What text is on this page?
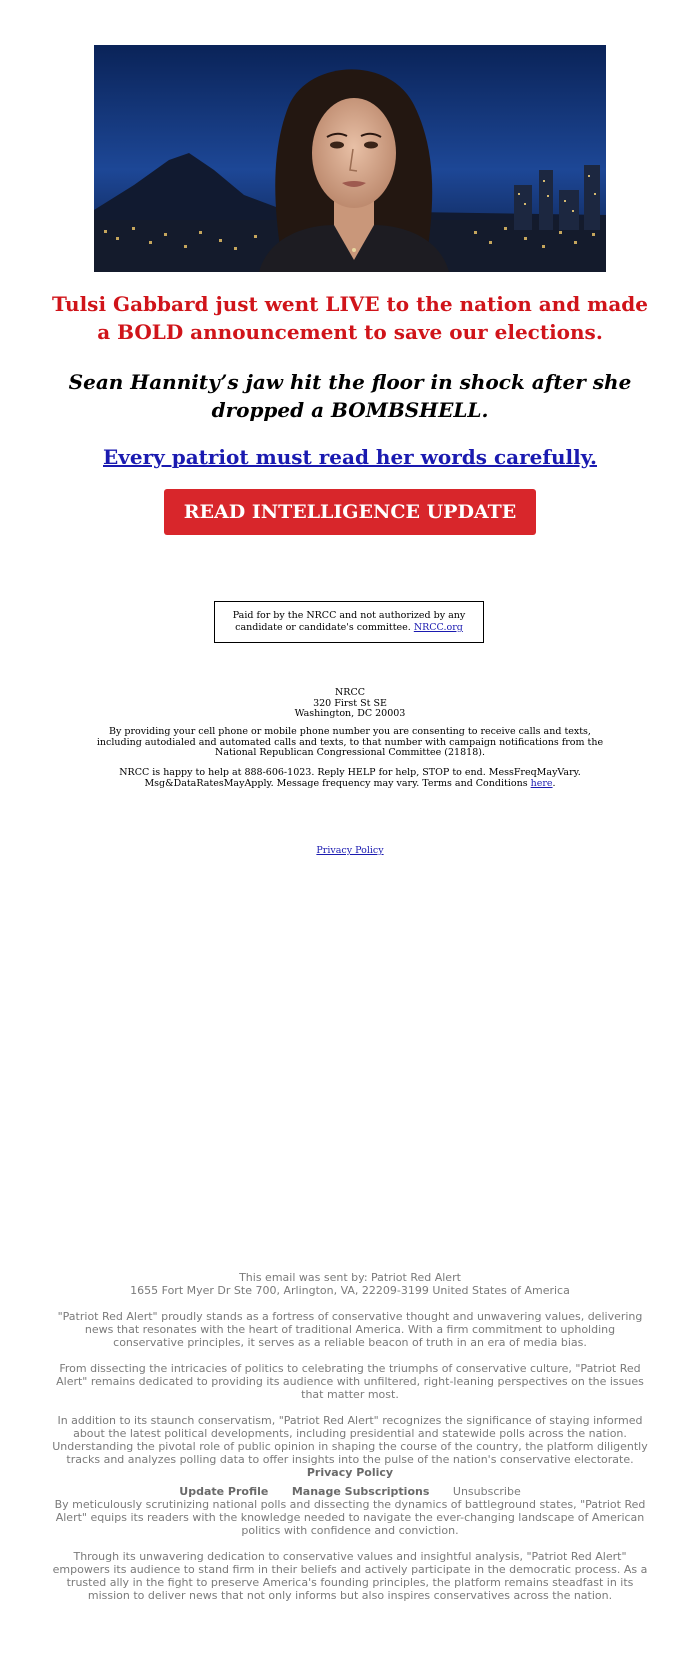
Tulsi Gabbard just went LIVE to the nation and made a BOLD announcement to save our elections.
Sean Hannity’s jaw hit the floor in shock after she dropped a BOMBSHELL.
Every patriot must read her words carefully.
READ INTELLIGENCE UPDATE
Paid for by the NRCC and not authorized by any candidate or candidate's committee. NRCC.org
NRCC
320 First St SE
Washington, DC 20003
By providing your cell phone or mobile phone number you are consenting to receive calls and texts, including autodialed and automated calls and texts, to that number with campaign notifications from the National Republican Congressional Committee (21818).
NRCC is happy to help at 888-606-1023. Reply HELP for help, STOP to end. MessFreqMayVary. Msg&DataRatesMayApply. Message frequency may vary. Terms and Conditions here.
Privacy Policy

This email was sent by: Patriot Red Alert

1655 Fort Myer Dr Ste 700, Arlington, VA, 22209-3199 United States of America

"Patriot Red Alert" proudly stands as a fortress of conservative thought and unwavering values, delivering news that resonates with the heart of traditional America. With a firm commitment to upholding conservative principles, it serves as a reliable beacon of truth in an era of media bias.

From dissecting the intricacies of politics to celebrating the triumphs of conservative culture, "Patriot Red Alert" remains dedicated to providing its audience with unfiltered, right-leaning perspectives on the issues that matter most.

In addition to its staunch conservatism, "Patriot Red Alert" recognizes the significance of staying informed about the latest political developments, including presidential and statewide polls across the nation. Understanding the pivotal role of public opinion in shaping the course of the country, the platform diligently tracks and analyzes polling data to offer insights into the pulse of the nation's conservative electorate.

Privacy Policy

Update Profile Manage Subscriptions Unsubscribe

By meticulously scrutinizing national polls and dissecting the dynamics of battleground states, "Patriot Red Alert" equips its readers with the knowledge needed to navigate the ever-changing landscape of American politics with confidence and conviction.

Through its unwavering dedication to conservative values and insightful analysis, "Patriot Red Alert" empowers its audience to stand firm in their beliefs and actively participate in the democratic process. As a trusted ally in the fight to preserve America's founding principles, the platform remains steadfast in its mission to deliver news that not only informs but also inspires conservatives across the nation.
